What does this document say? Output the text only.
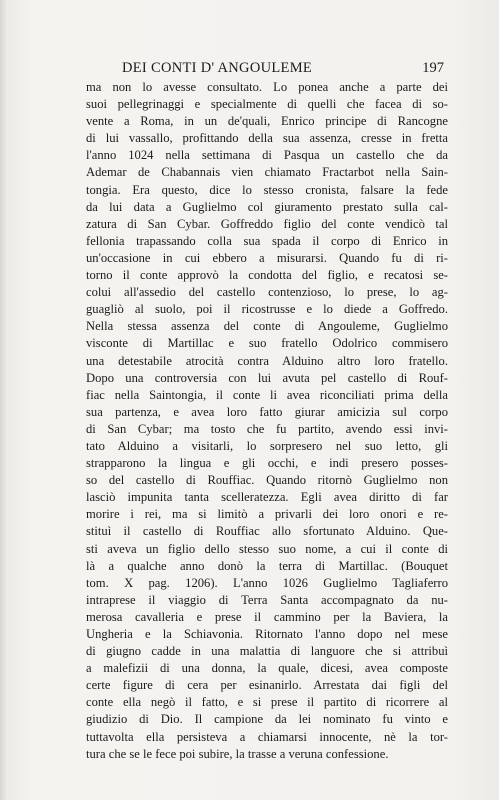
DEI CONTI D' ANGOULEME	197
ma non lo avesse consultato. Lo ponea anche a parte dei
suoi pellegrinaggi e specialmente di quelli che facea di so-
vente a Roma, in un de'quali, Enrico principe di Rancogne
di lui vassallo, profittando della sua assenza, cresse in fretta
l'anno 1024 nella settimana di Pasqua un castello che da
Ademar de Chabannais vien chiamato Fractarbot nella Sain-
tongia. Era questo, dice lo stesso cronista, falsare la fede
da lui data a Guglielmo col giuramento prestato sulla cal-
zatura di San Cybar. Goffreddo figlio del conte vendicò tal
fellonia trapassando colla sua spada il corpo di Enrico in
un'occasione in cui ebbero a misurarsi. Quando fu di ri-
torno il conte approvò la condotta del figlio, e recatosi se-
colui all'assedio del castello contenzioso, lo prese, lo ag-
guagliò al suolo, poi il ricostrusse e lo diede a Goffredo.
Nella stessa assenza del conte di Angouleme, Guglielmo
visconte di Martillac e suo fratello Odolrico commisero
una detestabile atrocità contra Alduino altro loro fratello.
Dopo una controversia con lui avuta pel castello di Rouf-
fiac nella Saintongia, il conte li avea riconciliati prima della
sua partenza, e avea loro fatto giurar amicizia sul corpo
di San Cybar; ma tosto che fu partito, avendo essi invi-
tato Alduino a visitarli, lo sorpresero nel suo letto, gli
strapparono la lingua e gli occhi, e indi presero posses-
so del castello di Rouffiac. Quando ritornò Guglielmo non
lasciò impunita tanta scelleratezza. Egli avea diritto di far
morire i rei, ma si limitò a privarli dei loro onori e re-
stituì il castello di Rouffiac allo sfortunato Alduino. Que-
sti aveva un figlio dello stesso suo nome, a cui il conte di
là a qualche anno donò la terra di Martillac. (Bouquet
tom. X pag. 1206). L'anno 1026 Guglielmo Tagliaferro
intraprese il viaggio di Terra Santa accompagnato da nu-
merosa cavalleria e prese il cammino per la Baviera, la
Ungheria e la Schiavonia. Ritornato l'anno dopo nel mese
di giugno cadde in una malattia di languore che si attribuì
a malefizii di una donna, la quale, dicesi, avea composte
certe figure di cera per esinanirlo. Arrestata dai figli del
conte ella negò il fatto, e si prese il partito di ricorrere al
giudizio di Dio. Il campione da lei nominato fu vinto e
tuttavolta ella persisteva a chiamarsi innocente, nè la tor-
tura che se le fece poi subire, la trasse a veruna confessione.
